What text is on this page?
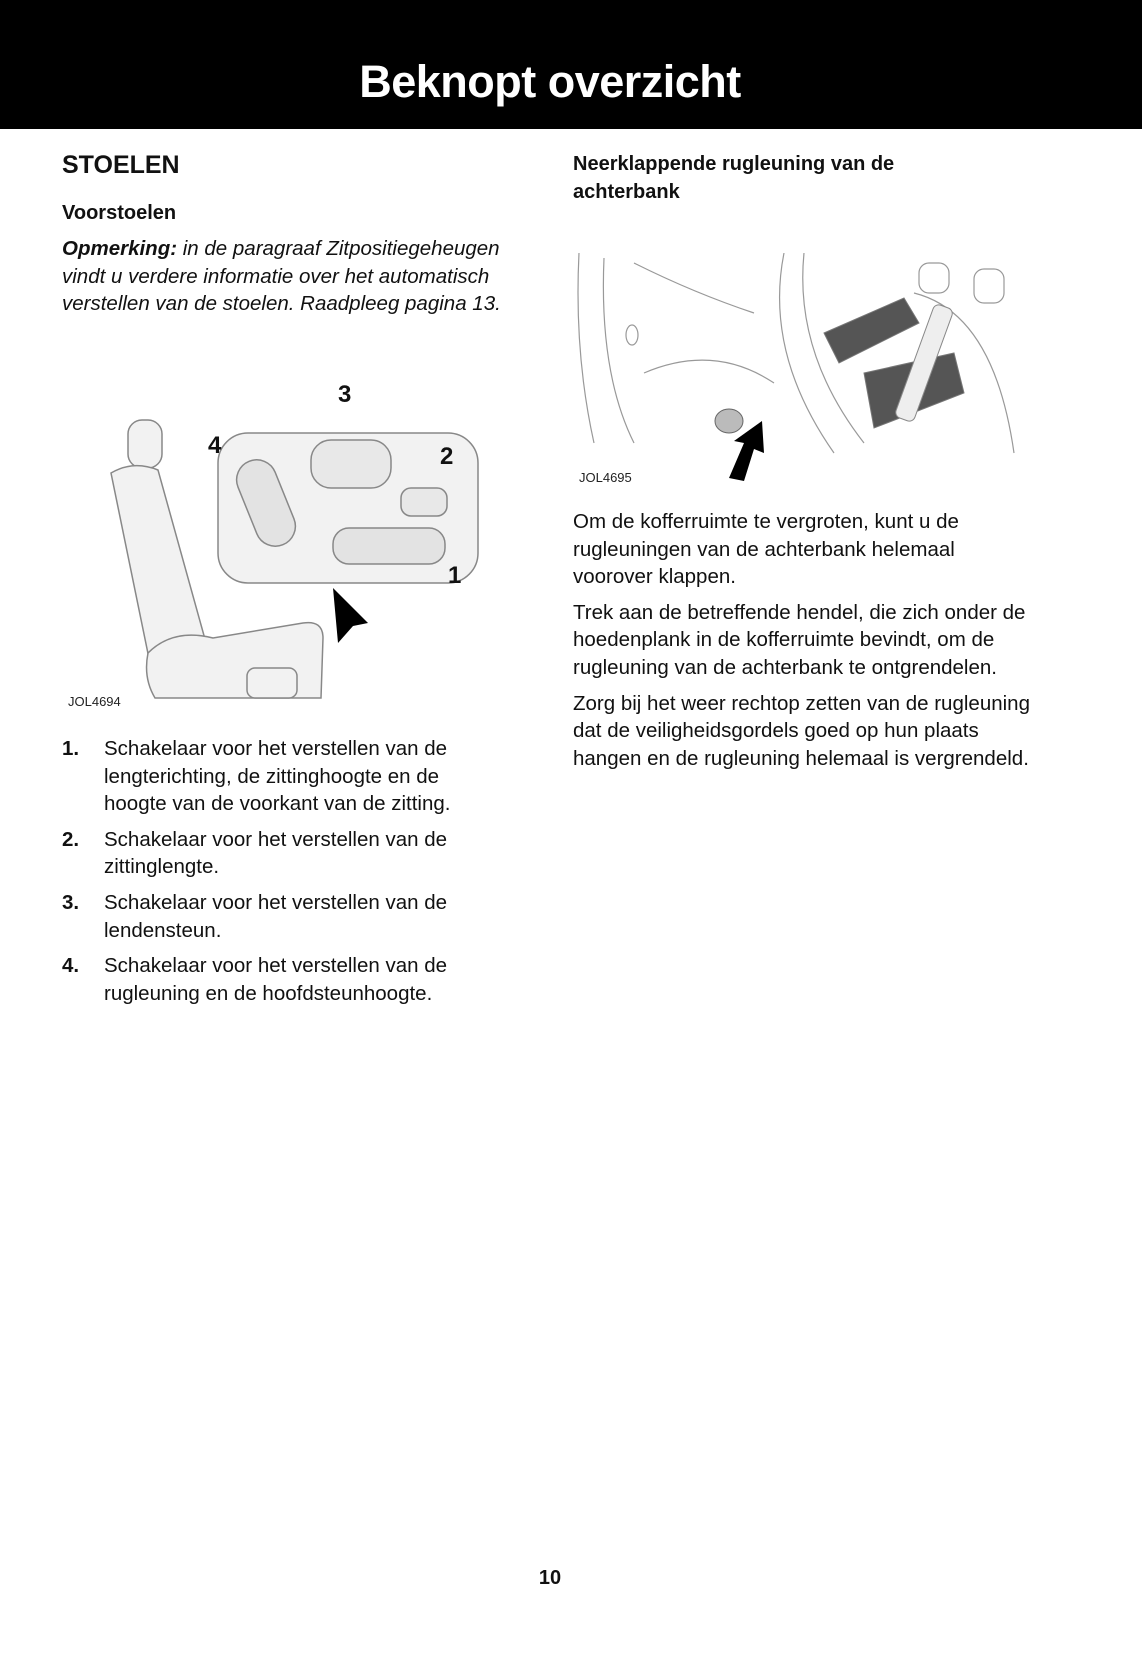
Beknopt overzicht
STOELEN
Voorstoelen
Opmerking: in de paragraaf Zitpositiegeheugen vindt u verdere informatie over het automatisch verstellen van de stoelen. Raadpleeg pagina 13.
3
2
4
1
JOL4694
1.	Schakelaar voor het verstellen van de lengterichting, de zittinghoogte en de hoogte van de voorkant van de zitting.
2.	Schakelaar voor het verstellen van de zittinglengte.
3.	Schakelaar voor het verstellen van de lendensteun.
4.	Schakelaar voor het verstellen van de rugleuning en de hoofdsteunhoogte.
Neerklappende rugleuning van de achterbank
JOL4695

Om de kofferruimte te vergroten, kunt u de rugleuningen van de achterbank helemaal voorover klappen.

Trek aan de betreffende hendel, die zich onder de hoedenplank in de kofferruimte bevindt, om de rugleuning van de achterbank te ontgrendelen.

Zorg bij het weer rechtop zetten van de rugleuning dat de veiligheidsgordels goed op hun plaats hangen en de rugleuning helemaal is vergrendeld.

10
